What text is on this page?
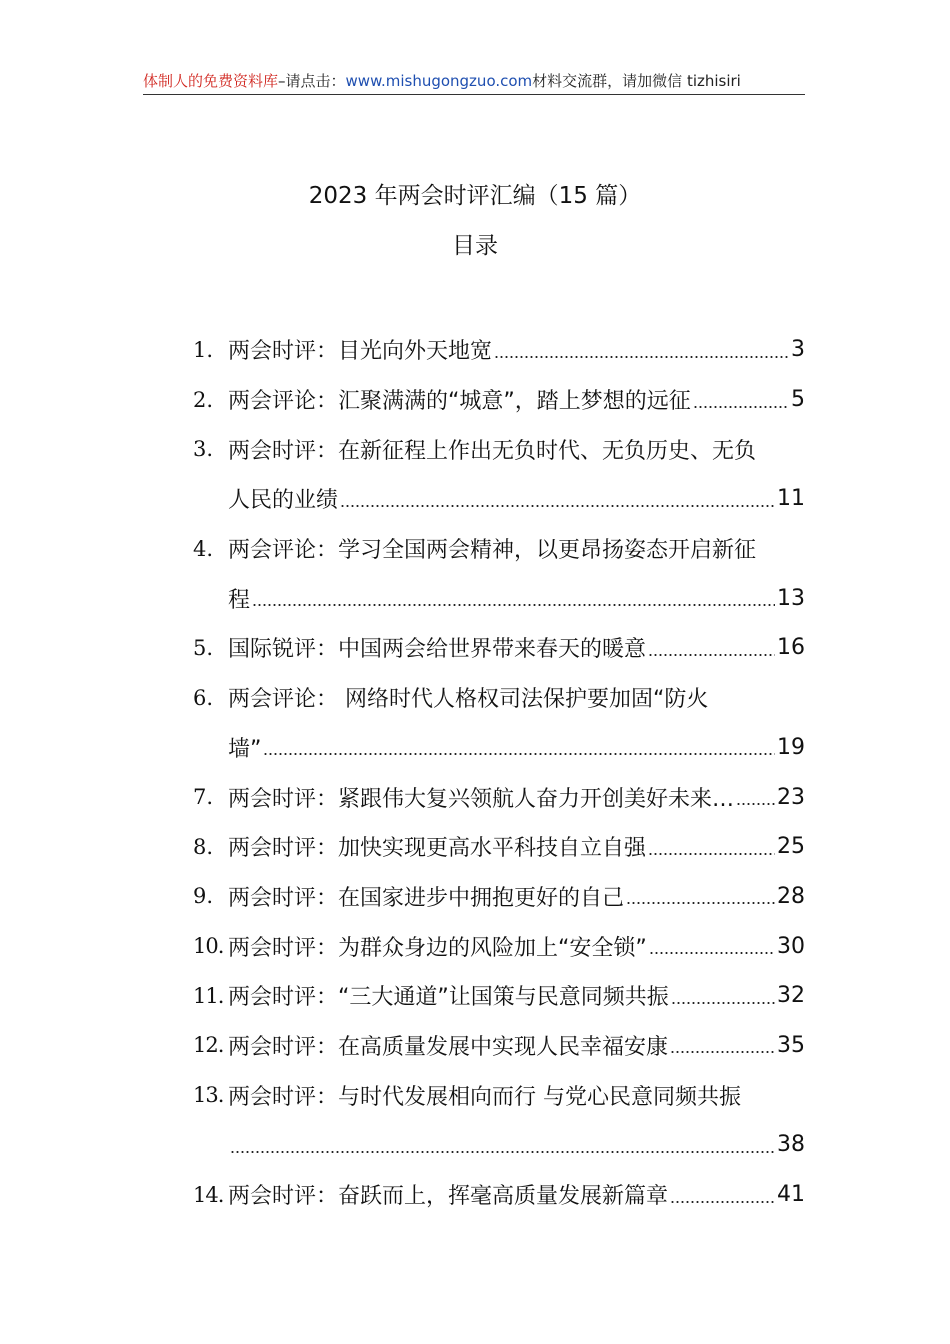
体制人的免费资料库–请点击：www.mishugongzuo.com材料交流群，请加微信 tizhisiri
2023 年两会时评汇编（15 篇）
目录
1. 两会时评：目光向外天地宽	3
2. 两会评论：汇聚满满的“城意”，踏上梦想的远征	5
3. 两会时评：在新征程上作出无负时代、无负历史、无负
人民的业绩	11
4. 两会评论：学习全国两会精神，以更昂扬姿态开启新征
程	13
5. 国际锐评：中国两会给世界带来春天的暖意	16
6. 两会评论： 网络时代人格权司法保护要加固“防火
墙”	19
7. 两会时评：紧跟伟大复兴领航人奋力开创美好未来… 23
8. 两会时评：加快实现更高水平科技自立自强	25
9. 两会时评：在国家进步中拥抱更好的自己	28
10. 两会时评：为群众身边的风险加上“安全锁”	30
11. 两会时评：“三大通道”让国策与民意同频共振	32
12. 两会时评：在高质量发展中实现人民幸福安康	35
13. 两会时评：与时代发展相向而行 与党心民意同频共振
38
14. 两会时评：奋跃而上，挥毫高质量发展新篇章	41
